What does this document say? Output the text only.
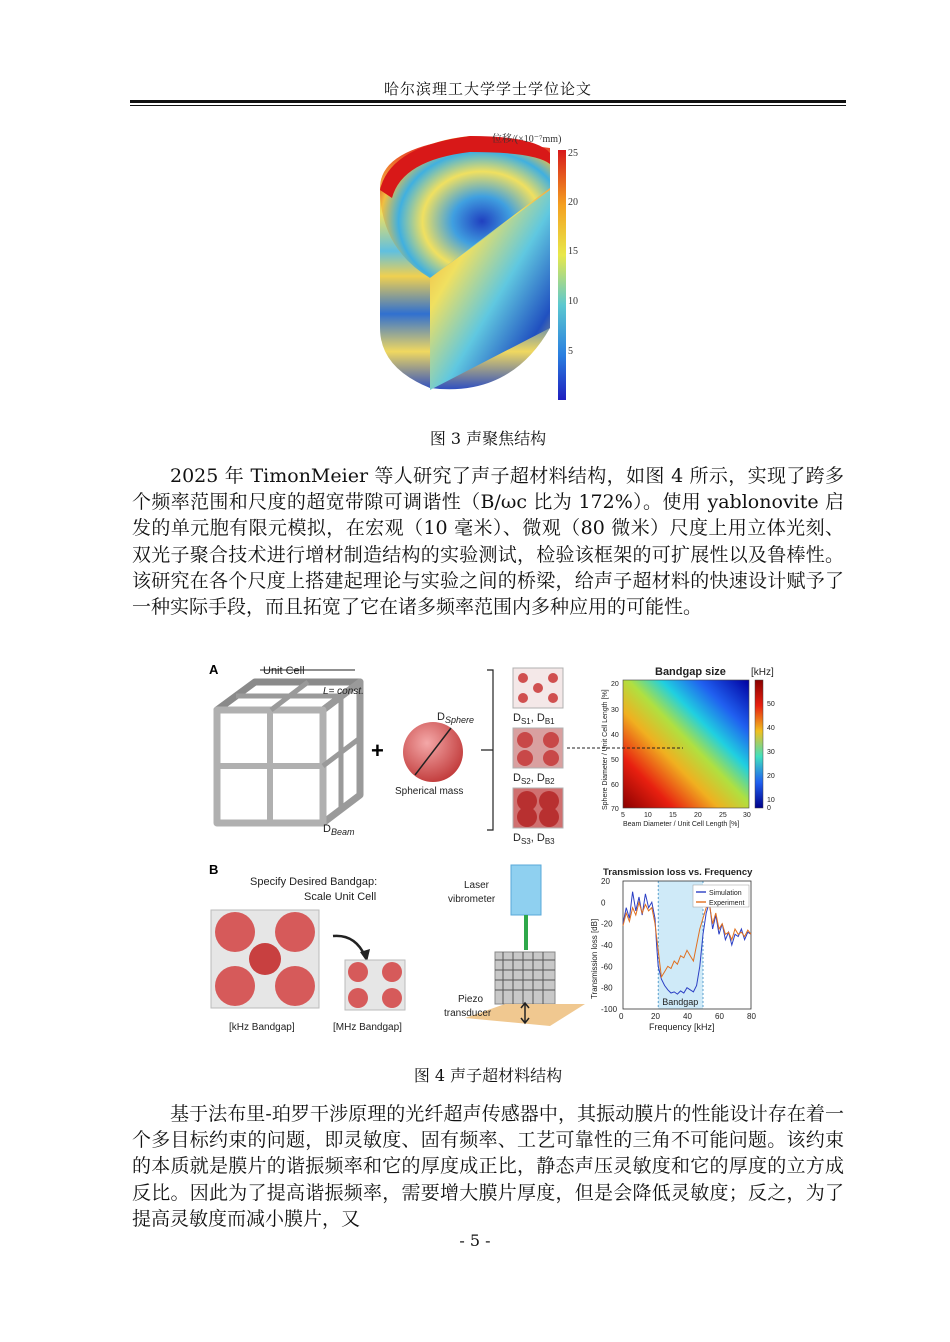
哈尔滨理工大学学士学位论文
位移/(×10⁻⁷mm)
25
20
15
10
5
图 3 声聚焦结构

2025 年 TimonMeier 等人研究了声子超材料结构，如图 4 所示，实现了跨多个频率范围和尺度的超宽带隙可调谐性（B/ωc 比为 172%）。使用 yablonovite 启发的单元胞有限元模拟，在宏观（10 毫米）、微观（80 微米）尺度上用立体光刻、双光子聚合技术进行增材制造结构的实验测试，检验该框架的可扩展性以及鲁棒性。该研究在各个尺度上搭建起理论与实验之间的桥梁，给声子超材料的快速设计赋予了一种实际手段，而且拓宽了它在诸多频率范围内多种应用的可能性。

A	Unit Cell
L= const.
$D_{Beam}$
+
$D_{Sphere}$
Spherical mass
$D_{S1}$, $D_{B1}$
$D_{S2}$, $D_{B2}$
$D_{S3}$, $D_{B3}$
Bandgap size	[kHz]
50
40
30
20
10
0
20
30
40
50
60
70
5	10 15 20 25 30
Beam Diameter / Unit Cell Length [%]
Sphere Diameter / Unit Cell Length [%]
B
Specify Desired Bandgap:
Scale Unit Cell
[kHz Bandgap]	[MHz Bandgap]
Laser
vibrometer
Piezo
transducer	0	20	40	60	80
20
0
-20
-40
-60
-80
-100
Transmission loss vs. Frequency
Frequency [kHz]
Transmission loss [dB]
Bandgap
Simulation
Experiment
图 4 声子超材料结构

基于法布里-珀罗干涉原理的光纤超声传感器中，其振动膜片的性能设计存在着一个多目标约束的问题，即灵敏度、固有频率、工艺可靠性的三角不可能问题。该约束的本质就是膜片的谐振频率和它的厚度成正比，静态声压灵敏度和它的厚度的立方成反比。因此为了提高谐振频率，需要增大膜片厚度，但是会降低灵敏度；反之，为了提高灵敏度而减小膜片，又

- 5 -
